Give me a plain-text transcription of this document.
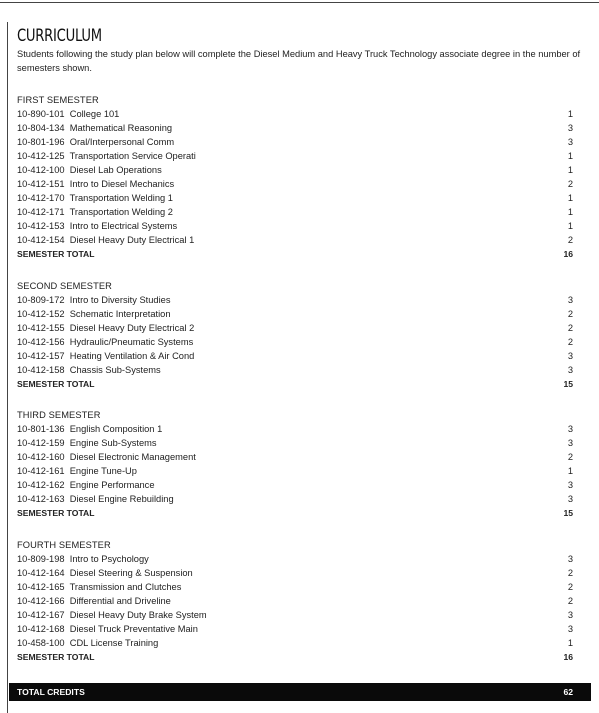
CURRICULUM

Students following the study plan below will complete the Diesel Medium and Heavy Truck Technology associate degree in the number of semesters shown.

FIRST SEMESTER
10-890-101 College 101	1
10-804-134 Mathematical Reasoning	3
10-801-196 Oral/Interpersonal Comm	3
10-412-125 Transportation Service Operati	1
10-412-100 Diesel Lab Operations	1
10-412-151 Intro to Diesel Mechanics	2
10-412-170 Transportation Welding 1	1
10-412-171 Transportation Welding 2	1
10-412-153 Intro to Electrical Systems	1
10-412-154 Diesel Heavy Duty Electrical 1	2
SEMESTER TOTAL	16
SECOND SEMESTER
10-809-172 Intro to Diversity Studies	3
10-412-152 Schematic Interpretation	2
10-412-155 Diesel Heavy Duty Electrical 2	2
10-412-156 Hydraulic/Pneumatic Systems	2
10-412-157 Heating Ventilation & Air Cond	3
10-412-158 Chassis Sub-Systems	3
SEMESTER TOTAL	15
THIRD SEMESTER
10-801-136 English Composition 1	3
10-412-159 Engine Sub-Systems	3
10-412-160 Diesel Electronic Management	2
10-412-161 Engine Tune-Up	1
10-412-162 Engine Performance	3
10-412-163 Diesel Engine Rebuilding	3
SEMESTER TOTAL	15
FOURTH SEMESTER
10-809-198 Intro to Psychology	3
10-412-164 Diesel Steering & Suspension	2
10-412-165 Transmission and Clutches	2
10-412-166 Differential and Driveline	2
10-412-167 Diesel Heavy Duty Brake System	3
10-412-168 Diesel Truck Preventative Main	3
10-458-100 CDL License Training	1
SEMESTER TOTAL	16
TOTAL CREDITS	62
